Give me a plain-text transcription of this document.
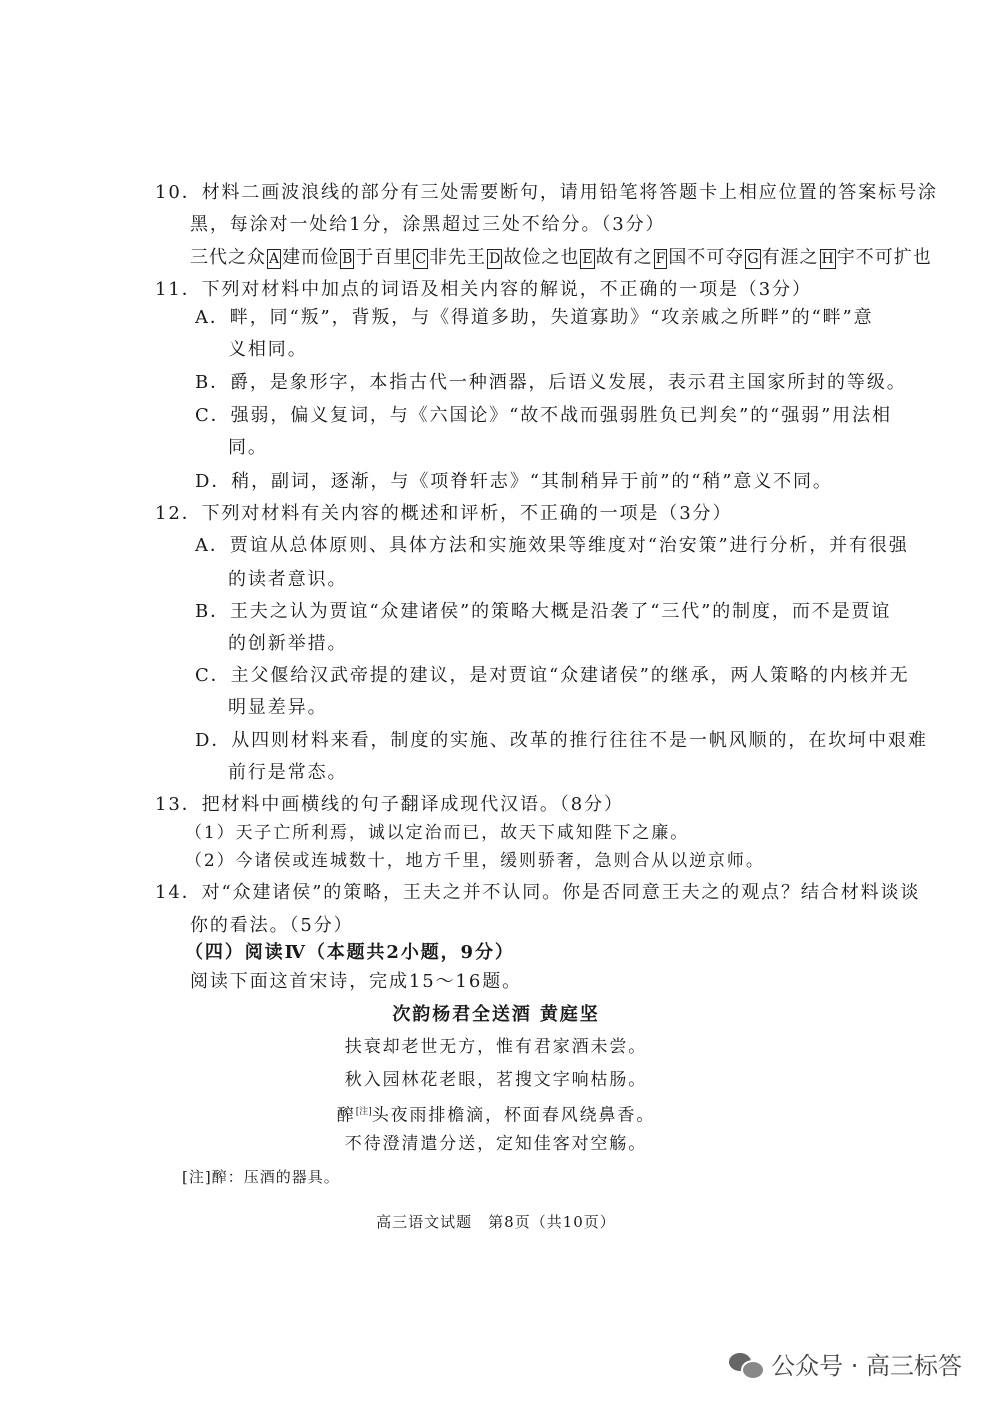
10．材料二画波浪线的部分有三处需要断句，请用铅笔将答题卡上相应位置的答案标号涂
黑，每涂对一处给1分，涂黑超过三处不给分。（3分）
三代之众 A 建而俭 B 于百里 C 非先王 D 故俭之也 E 故有之 F 国不可夺 G 有涯之 H 宇不可扩也
11．下列对材料中加点的词语及相关内容的解说，不正确的一项是（3分）
A．畔，同“叛”，背叛，与《得道多助，失道寡助》“攻亲戚之所畔”的“畔”意
义相同。
B．爵，是象形字，本指古代一种酒器，后语义发展，表示君主国家所封的等级。
C．强弱，偏义复词，与《六国论》“故不战而强弱胜负已判矣”的“强弱”用法相
同。
D．稍，副词，逐渐，与《项脊轩志》“其制稍异于前”的“稍”意义不同。
12．下列对材料有关内容的概述和评析，不正确的一项是（3分）
A．贾谊从总体原则、具体方法和实施效果等维度对“治安策”进行分析，并有很强
的读者意识。
B．王夫之认为贾谊“众建诸侯”的策略大概是沿袭了“三代”的制度，而不是贾谊
的创新举措。
C．主父偃给汉武帝提的建议，是对贾谊“众建诸侯”的继承，两人策略的内核并无
明显差异。
D．从四则材料来看，制度的实施、改革的推行往往不是一帆风顺的，在坎坷中艰难
前行是常态。
13．把材料中画横线的句子翻译成现代汉语。（8分）
（1）天子亡所利焉，诚以定治而已，故天下咸知陛下之廉。
（2）今诸侯或连城数十，地方千里，缓则骄奢，急则合从以逆京师。
14．对“众建诸侯”的策略，王夫之并不认同。你是否同意王夫之的观点？结合材料谈谈
你的看法。（5分）
（四）阅读Ⅳ（本题共2小题，9分）
阅读下面这首宋诗，完成15～16题。
次韵杨君全送酒 黄庭坚
扶衰却老世无方，惟有君家酒未尝。
秋入园林花老眼，茗搜文字响枯肠。
醡[注]头夜雨排檐滴，杯面春风绕鼻香。
不待澄清遣分送，定知佳客对空觞。
[注]醡：压酒的器具。
高三语文试题　第8页（共10页）
公众号 · 高三标答
